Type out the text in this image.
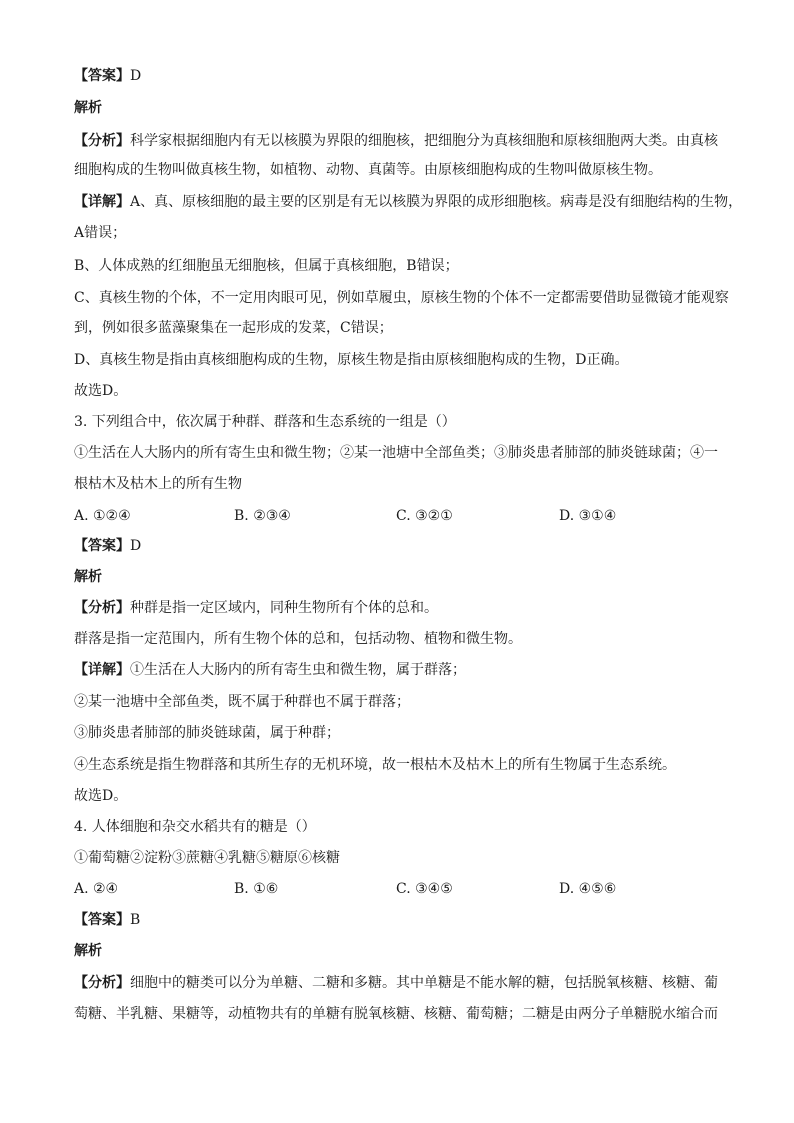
【答案】D
解析
【分析】科学家根据细胞内有无以核膜为界限的细胞核，把细胞分为真核细胞和原核细胞两大类。由真核
细胞构成的生物叫做真核生物，如植物、动物、真菌等。由原核细胞构成的生物叫做原核生物。
【详解】A、真、原核细胞的最主要的区别是有无以核膜为界限的成形细胞核。病毒是没有细胞结构的生物，
A错误；
B、人体成熟的红细胞虽无细胞核，但属于真核细胞，B错误；
C、真核生物的个体，不一定用肉眼可见，例如草履虫，原核生物的个体不一定都需要借助显微镜才能观察
到，例如很多蓝藻聚集在一起形成的发菜，C错误；
D、真核生物是指由真核细胞构成的生物，原核生物是指由原核细胞构成的生物，D正确。
故选D。
3. 下列组合中，依次属于种群、群落和生态系统的一组是（）
①生活在人大肠内的所有寄生虫和微生物；②某一池塘中全部鱼类；③肺炎患者肺部的肺炎链球菌；④一
根枯木及枯木上的所有生物
A. ①②④	B. ②③④	C. ③②①	D. ③①④
【答案】D
解析
【分析】种群是指一定区域内，同种生物所有个体的总和。
群落是指一定范围内，所有生物个体的总和，包括动物、植物和微生物。
【详解】①生活在人大肠内的所有寄生虫和微生物，属于群落；
②某一池塘中全部鱼类，既不属于种群也不属于群落；
③肺炎患者肺部的肺炎链球菌，属于种群；
④生态系统是指生物群落和其所生存的无机环境，故一根枯木及枯木上的所有生物属于生态系统。
故选D。
4. 人体细胞和杂交水稻共有的糖是（）
①葡萄糖②淀粉③蔗糖④乳糖⑤糖原⑥核糖
A. ②④	B. ①⑥	C. ③④⑤	D. ④⑤⑥
【答案】B
解析
【分析】细胞中的糖类可以分为单糖、二糖和多糖。其中单糖是不能水解的糖，包括脱氧核糖、核糖、葡
萄糖、半乳糖、果糖等，动植物共有的单糖有脱氧核糖、核糖、葡萄糖；二糖是由两分子单糖脱水缩合而
